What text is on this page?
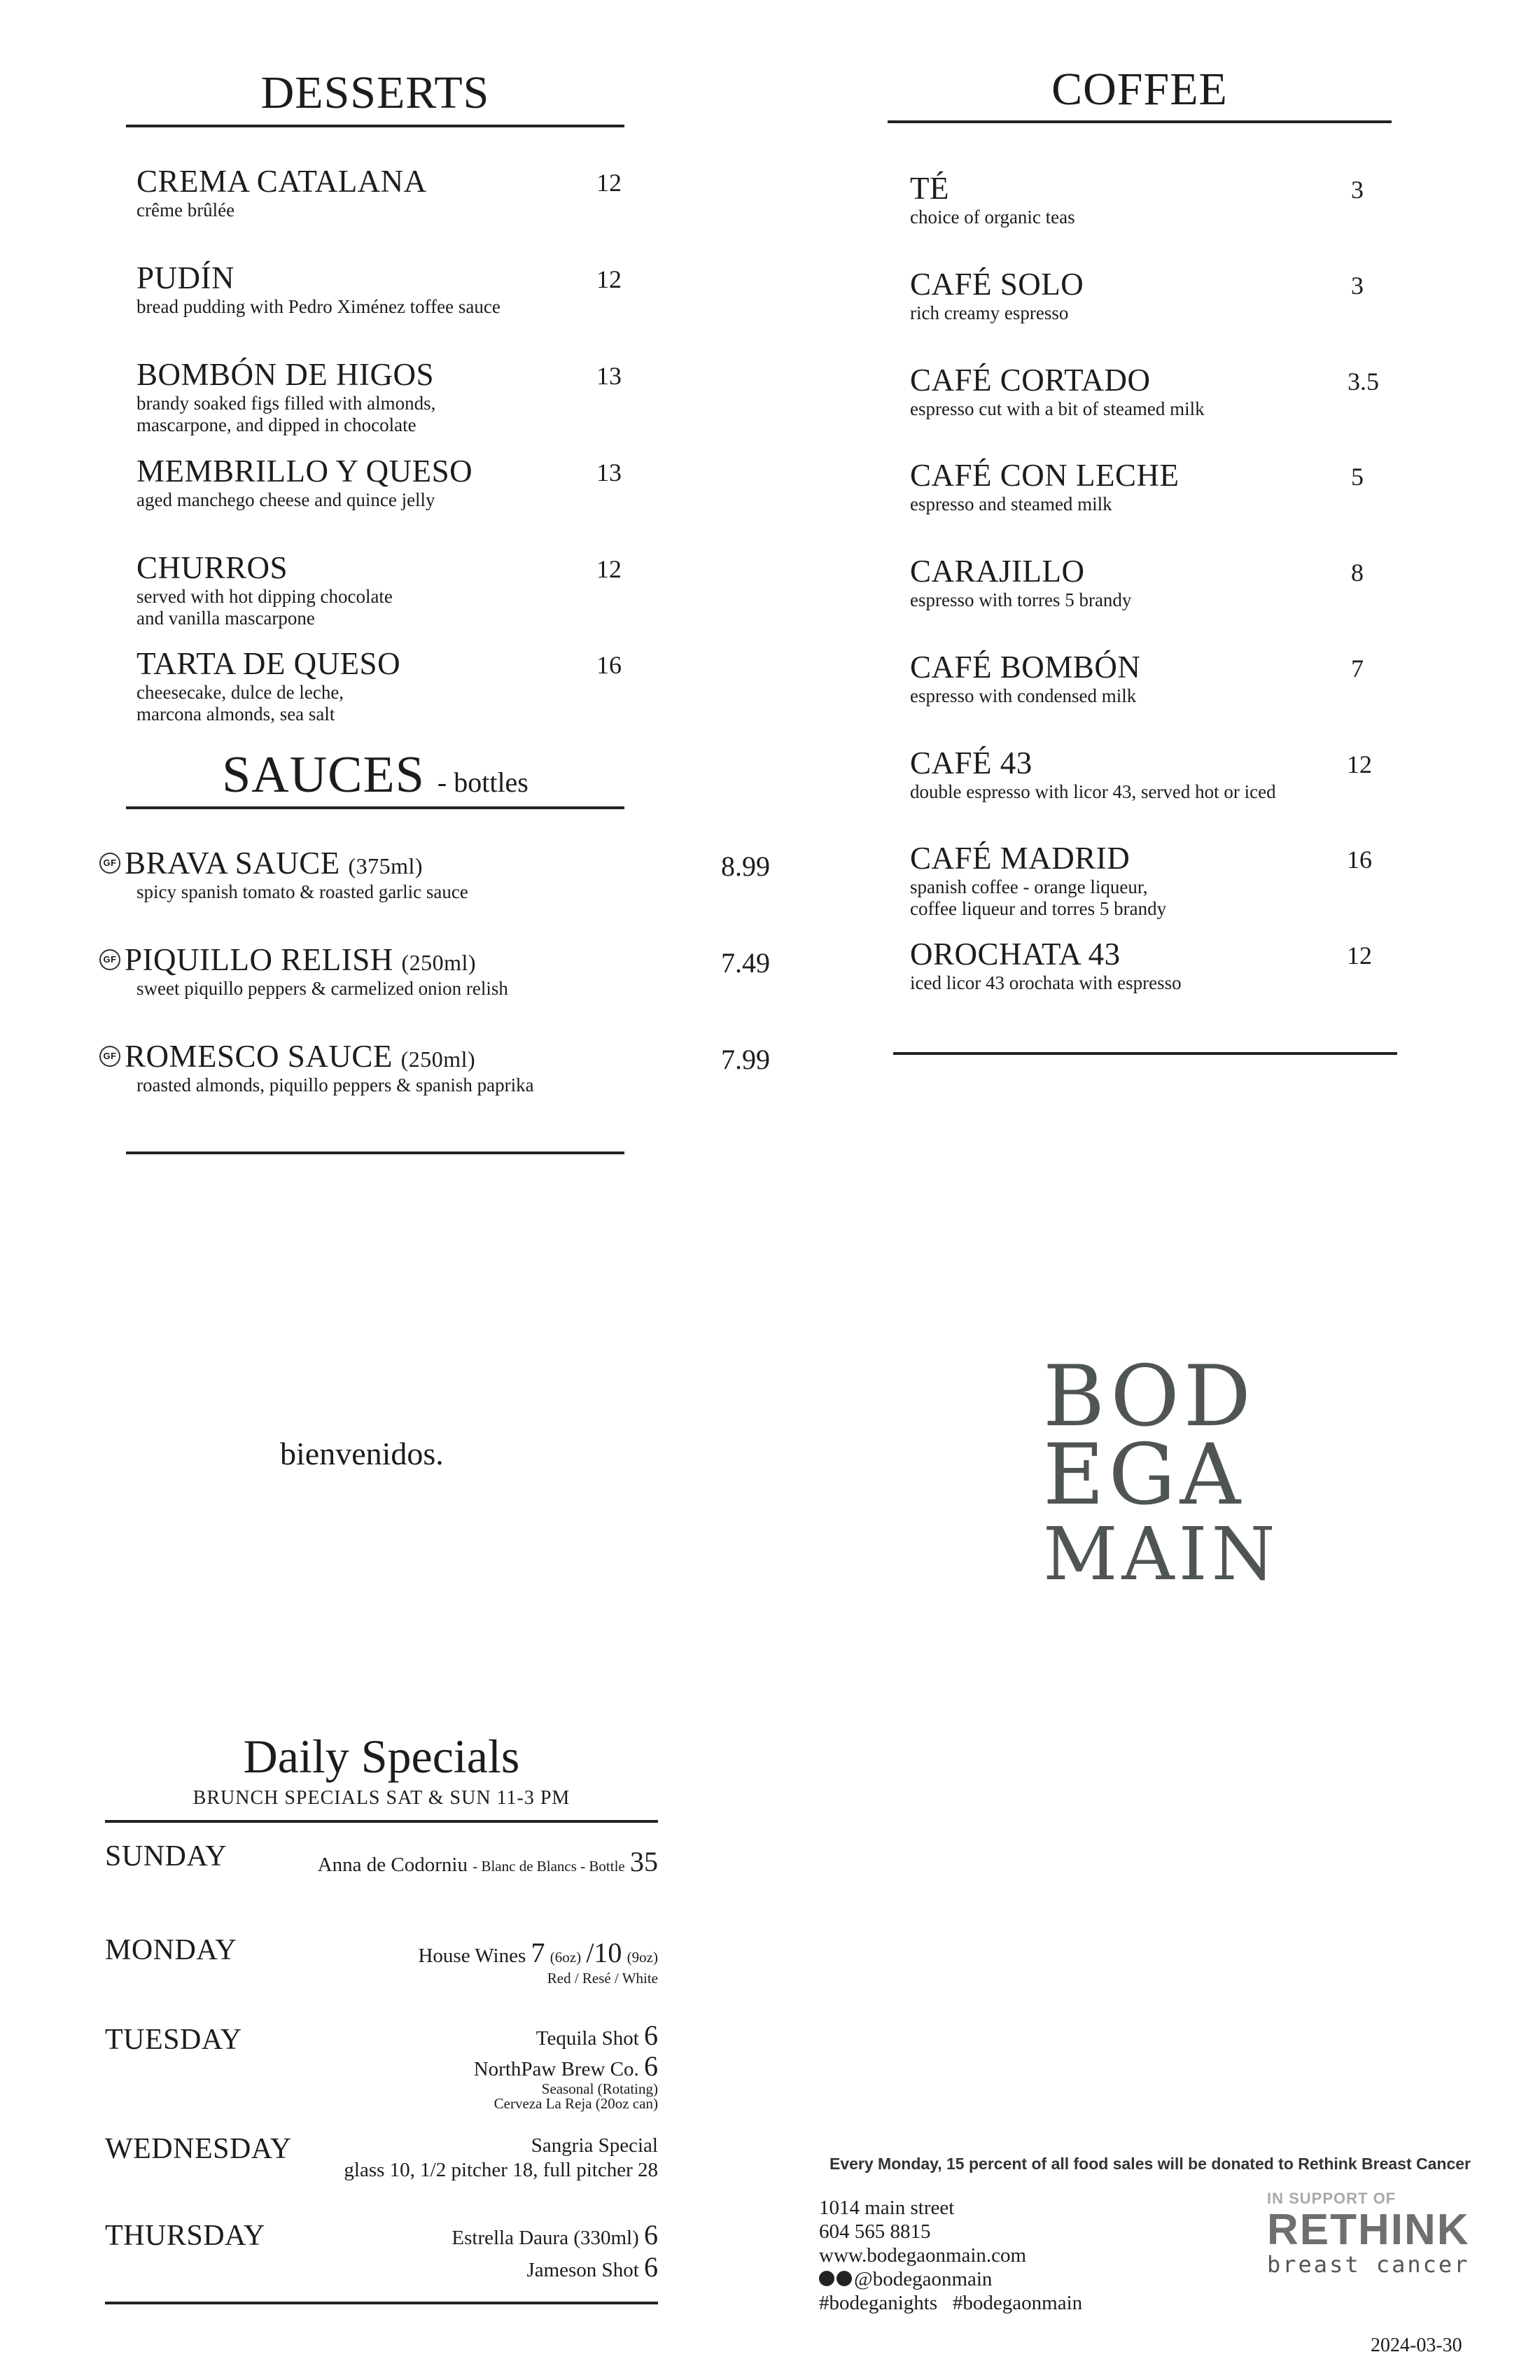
DESSERTS
CREMA CATALANA
crême brûlée
12
PUDÍN
bread pudding with Pedro Ximénez toffee sauce
12
BOMBÓN DE HIGOS
brandy soaked figs filled with almonds,
mascarpone, and dipped in chocolate
13
MEMBRILLO Y QUESO
aged manchego cheese and quince jelly
13
CHURROS
served with hot dipping chocolate
and vanilla mascarpone
12
TARTA DE QUESO
cheesecake, dulce de leche,
marcona almonds, sea salt
16
SAUCES - bottles
GF BRAVA SAUCE (375ml)
spicy spanish tomato & roasted garlic sauce
8.99
GF PIQUILLO RELISH (250ml)
sweet piquillo peppers & carmelized onion relish
7.49
GF ROMESCO SAUCE (250ml)
roasted almonds, piquillo peppers & spanish paprika
7.99
COFFEE
TÉ
choice of organic teas
3
CAFÉ SOLO
rich creamy espresso
3
CAFÉ CORTADO
espresso cut with a bit of steamed milk
3.5
CAFÉ CON LECHE
espresso and steamed milk
5
CARAJILLO
espresso with torres 5 brandy
8
CAFÉ BOMBÓN
espresso with condensed milk
7
CAFÉ 43
double espresso with licor 43, served hot or iced
12
CAFÉ MADRID
spanish coffee - orange liqueur,
coffee liqueur and torres 5 brandy
16
OROCHATA 43
iced licor 43 orochata with espresso
12
bienvenidos.
BOD
EGA
MAIN
Daily Specials
BRUNCH SPECIALS SAT & SUN 11-3 PM
SUNDAY	Anna de Codorniu - Blanc de Blancs - Bottle 35
MONDAY	House Wines 7 (6oz) /10 (9oz)
Red / Resé / White
TUESDAY	Tequila Shot 6
NorthPaw Brew Co. 6
Seasonal (Rotating)
Cerveza La Reja (20oz can)
WEDNESDAY	Sangria Special
glass 10, 1/2 pitcher 18, full pitcher 28
THURSDAY	Estrella Daura (330ml) 6
Jameson Shot 6
Every Monday, 15 percent of all food sales will be donated to Rethink Breast Cancer
1014 main street
604 565 8815
www.bodegaonmain.com
@bodegaonmain
#bodeganights   #bodegaonmain
IN SUPPORT OF
RETHINK
breast cancer
2024-03-30
